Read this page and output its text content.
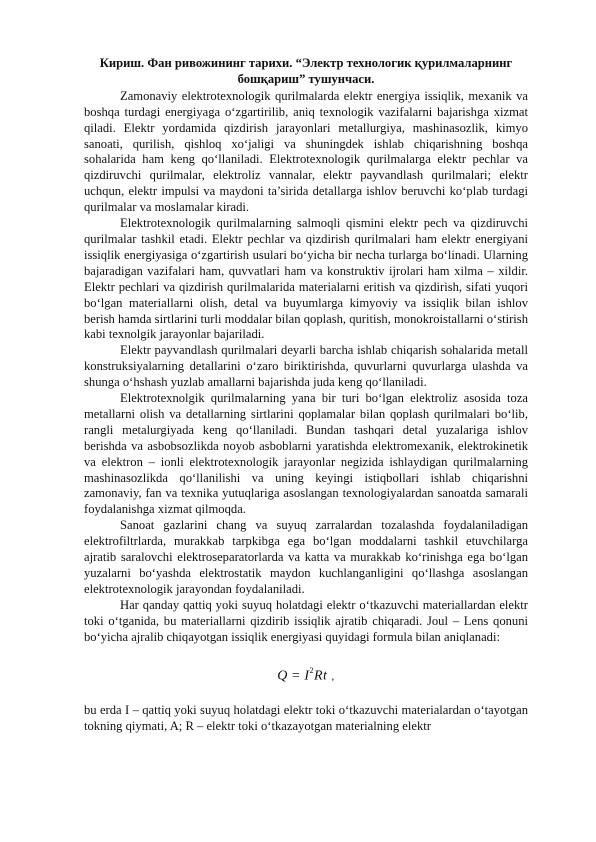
Кириш. Фан ривожининг тарихи. “Электр технологик қурилмаларнинг бошқариш” тушунчаси.

Zamonaviy elektrotexnologik qurilmalarda elektr energiya issiqlik, mexanik va boshqa turdagi energiyaga o‘zgartirilib, aniq texnologik vazifalarni bajarishga xizmat qiladi. Elektr yordamida qizdirish jarayonlari metallurgiya, mashinasozlik, kimyo sanoati, qurilish, qishloq xo‘jaligi va shuningdek ishlab chiqarishning boshqa sohalarida ham keng qo‘llaniladi. Elektrotexnologik qurilmalarga elektr pechlar va qizdiruvchi qurilmalar, elektroliz vannalar, elektr payvandlash qurilmalari; elektr uchqun, elektr impulsi va maydoni ta’sirida detallarga ishlov beruvchi ko‘plab turdagi qurilmalar va moslamalar kiradi.

Elektrotexnologik qurilmalarning salmoqli qismini elektr pech va qizdiruvchi qurilmalar tashkil etadi. Elektr pechlar va qizdirish qurilmalari ham elektr energiyani issiqlik energiyasiga o‘zgartirish usulari bo‘yicha bir necha turlarga bo‘linadi. Ularning bajaradigan vazifalari ham, quvvatlari ham va konstruktiv ijrolari ham xilma – xildir. Elektr pechlari va qizdirish qurilmalarida materialarni eritish va qizdirish, sifati yuqori bo‘lgan materiallarni olish, detal va buyumlarga kimyoviy va issiqlik bilan ishlov berish hamda sirtlarini turli moddalar bilan qoplash, quritish, monokroistallarni o‘stirish kabi texnolgik jarayonlar bajariladi.

Elektr payvandlash qurilmalari deyarli barcha ishlab chiqarish sohalarida metall konstruksiyalarning detallarini o‘zaro biriktirishda, quvurlarni quvurlarga ulashda va shunga o‘hshash yuzlab amallarni bajarishda juda keng qo‘llaniladi.

Elektrotexnolgik qurilmalarning yana bir turi bo‘lgan elektroliz asosida toza metallarni olish va detallarning sirtlarini qoplamalar bilan qoplash qurilmalari bo‘lib, rangli metalurgiyada keng qo‘llaniladi. Bundan tashqari detal yuzalariga ishlov berishda va asbobsozlikda noyob asboblarni yaratishda elektromexanik, elektrokinetik va elektron – ionli elektrotexnologik jarayonlar negizida ishlaydigan qurilmalarning mashinasozlikda qo‘llanilishi va uning keyingi istiqbollari ishlab chiqarishni zamonaviy, fan va texnika yutuqlariga asoslangan texnologiyalardan sanoatda samarali foydalanishga xizmat qilmoqda.

Sanoat gazlarini chang va suyuq zarralardan tozalashda foydalaniladigan elektrofiltrlarda, murakkab tarpkibga ega bo‘lgan moddalarni tashkil etuvchilarga ajratib saralovchi elektroseparatorlarda va katta va murakkab ko‘rinishga ega bo‘lgan yuzalarni bo‘yashda elektrostatik maydon kuchlanganligini qo‘llashga asoslangan elektrotexnologik jarayondan foydalaniladi.

Har qanday qattiq yoki suyuq holatdagi elektr o‘tkazuvchi materiallardan elektr toki o‘tganida, bu materiallarni qizdirib issiqlik ajratib chiqaradi. Joul – Lens qonuni bo‘yicha ajralib chiqayotgan issiqlik energiyasi quyidagi formula bilan aniqlanadi:

$Q = I^2Rt$ ,

bu erda I – qattiq yoki suyuq holatdagi elektr toki o‘tkazuvchi materialardan o‘tayotgan tokning qiymati, A; R – elektr toki o‘tkazayotgan materialning elektr
